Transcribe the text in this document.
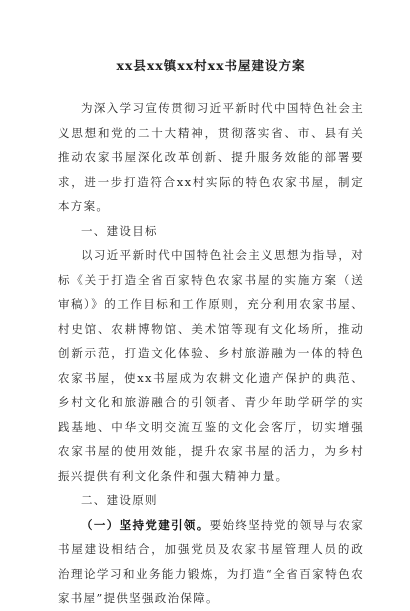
xx县xx镇xx村xx书屋建设方案

为深入学习宣传贯彻习近平新时代中国特色社会主义思想和党的二十大精神，贯彻落实省、市、县有关推动农家书屋深化改革创新、提升服务效能的部署要求，进一步打造符合xx村实际的特色农家书屋，制定本方案。

一、建设目标

以习近平新时代中国特色社会主义思想为指导，对标《关于打造全省百家特色农家书屋的实施方案（送审稿）》的工作目标和工作原则，充分利用农家书屋、村史馆、农耕博物馆、美术馆等现有文化场所，推动创新示范，打造文化体验、乡村旅游融为一体的特色农家书屋，使xx书屋成为农耕文化遗产保护的典范、乡村文化和旅游融合的引领者、青少年助学研学的实践基地、中华文明交流互鉴的文化会客厅，切实增强农家书屋的使用效能，提升农家书屋的活力，为乡村振兴提供有利文化条件和强大精神力量。

二、建设原则

（一）坚持党建引领。要始终坚持党的领导与农家书屋建设相结合，加强党员及农家书屋管理人员的政治理论学习和业务能力锻炼，为打造“全省百家特色农家书屋”提供坚强政治保障。
